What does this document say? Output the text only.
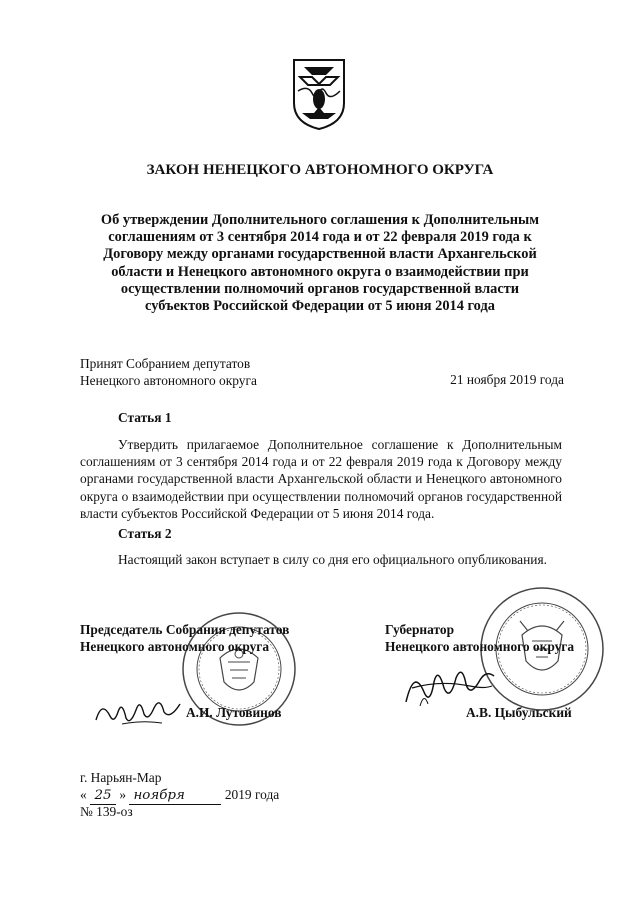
ЗАКОН НЕНЕЦКОГО АВТОНОМНОГО ОКРУГА
Об утверждении Дополнительного соглашения к Дополнительным
соглашениям от 3 сентября 2014 года и от 22 февраля 2019 года к
Договору между органами государственной власти Архангельской
области и Ненецкого автономного округа о взаимодействии при
осуществлении полномочий органов государственной власти
субъектов Российской Федерации от 5 июня 2014 года
Принят Собранием депутатов
Ненецкого автономного округа	21 ноября 2019 года
Статья 1
Утвердить прилагаемое Дополнительное соглашение к Дополнительным соглашениям от 3 сентября 2014 года и от 22 февраля 2019 года к Договору между органами государственной власти Архангельской области и Ненецкого автономного округа о взаимодействии при осуществлении полномочий органов государственной власти субъектов Российской Федерации от 5 июня 2014 года.
Статья 2
Настоящий закон вступает в силу со дня его официального опубликования.
Председатель Собрания депутатов
Ненецкого автономного округа
Губернатор
Ненецкого автономного округа
А.И. Лутовинов	А.В. Цыбульский
г. Нарьян-Мар
« 25 » ноября	2019 года
№ 139-оз
